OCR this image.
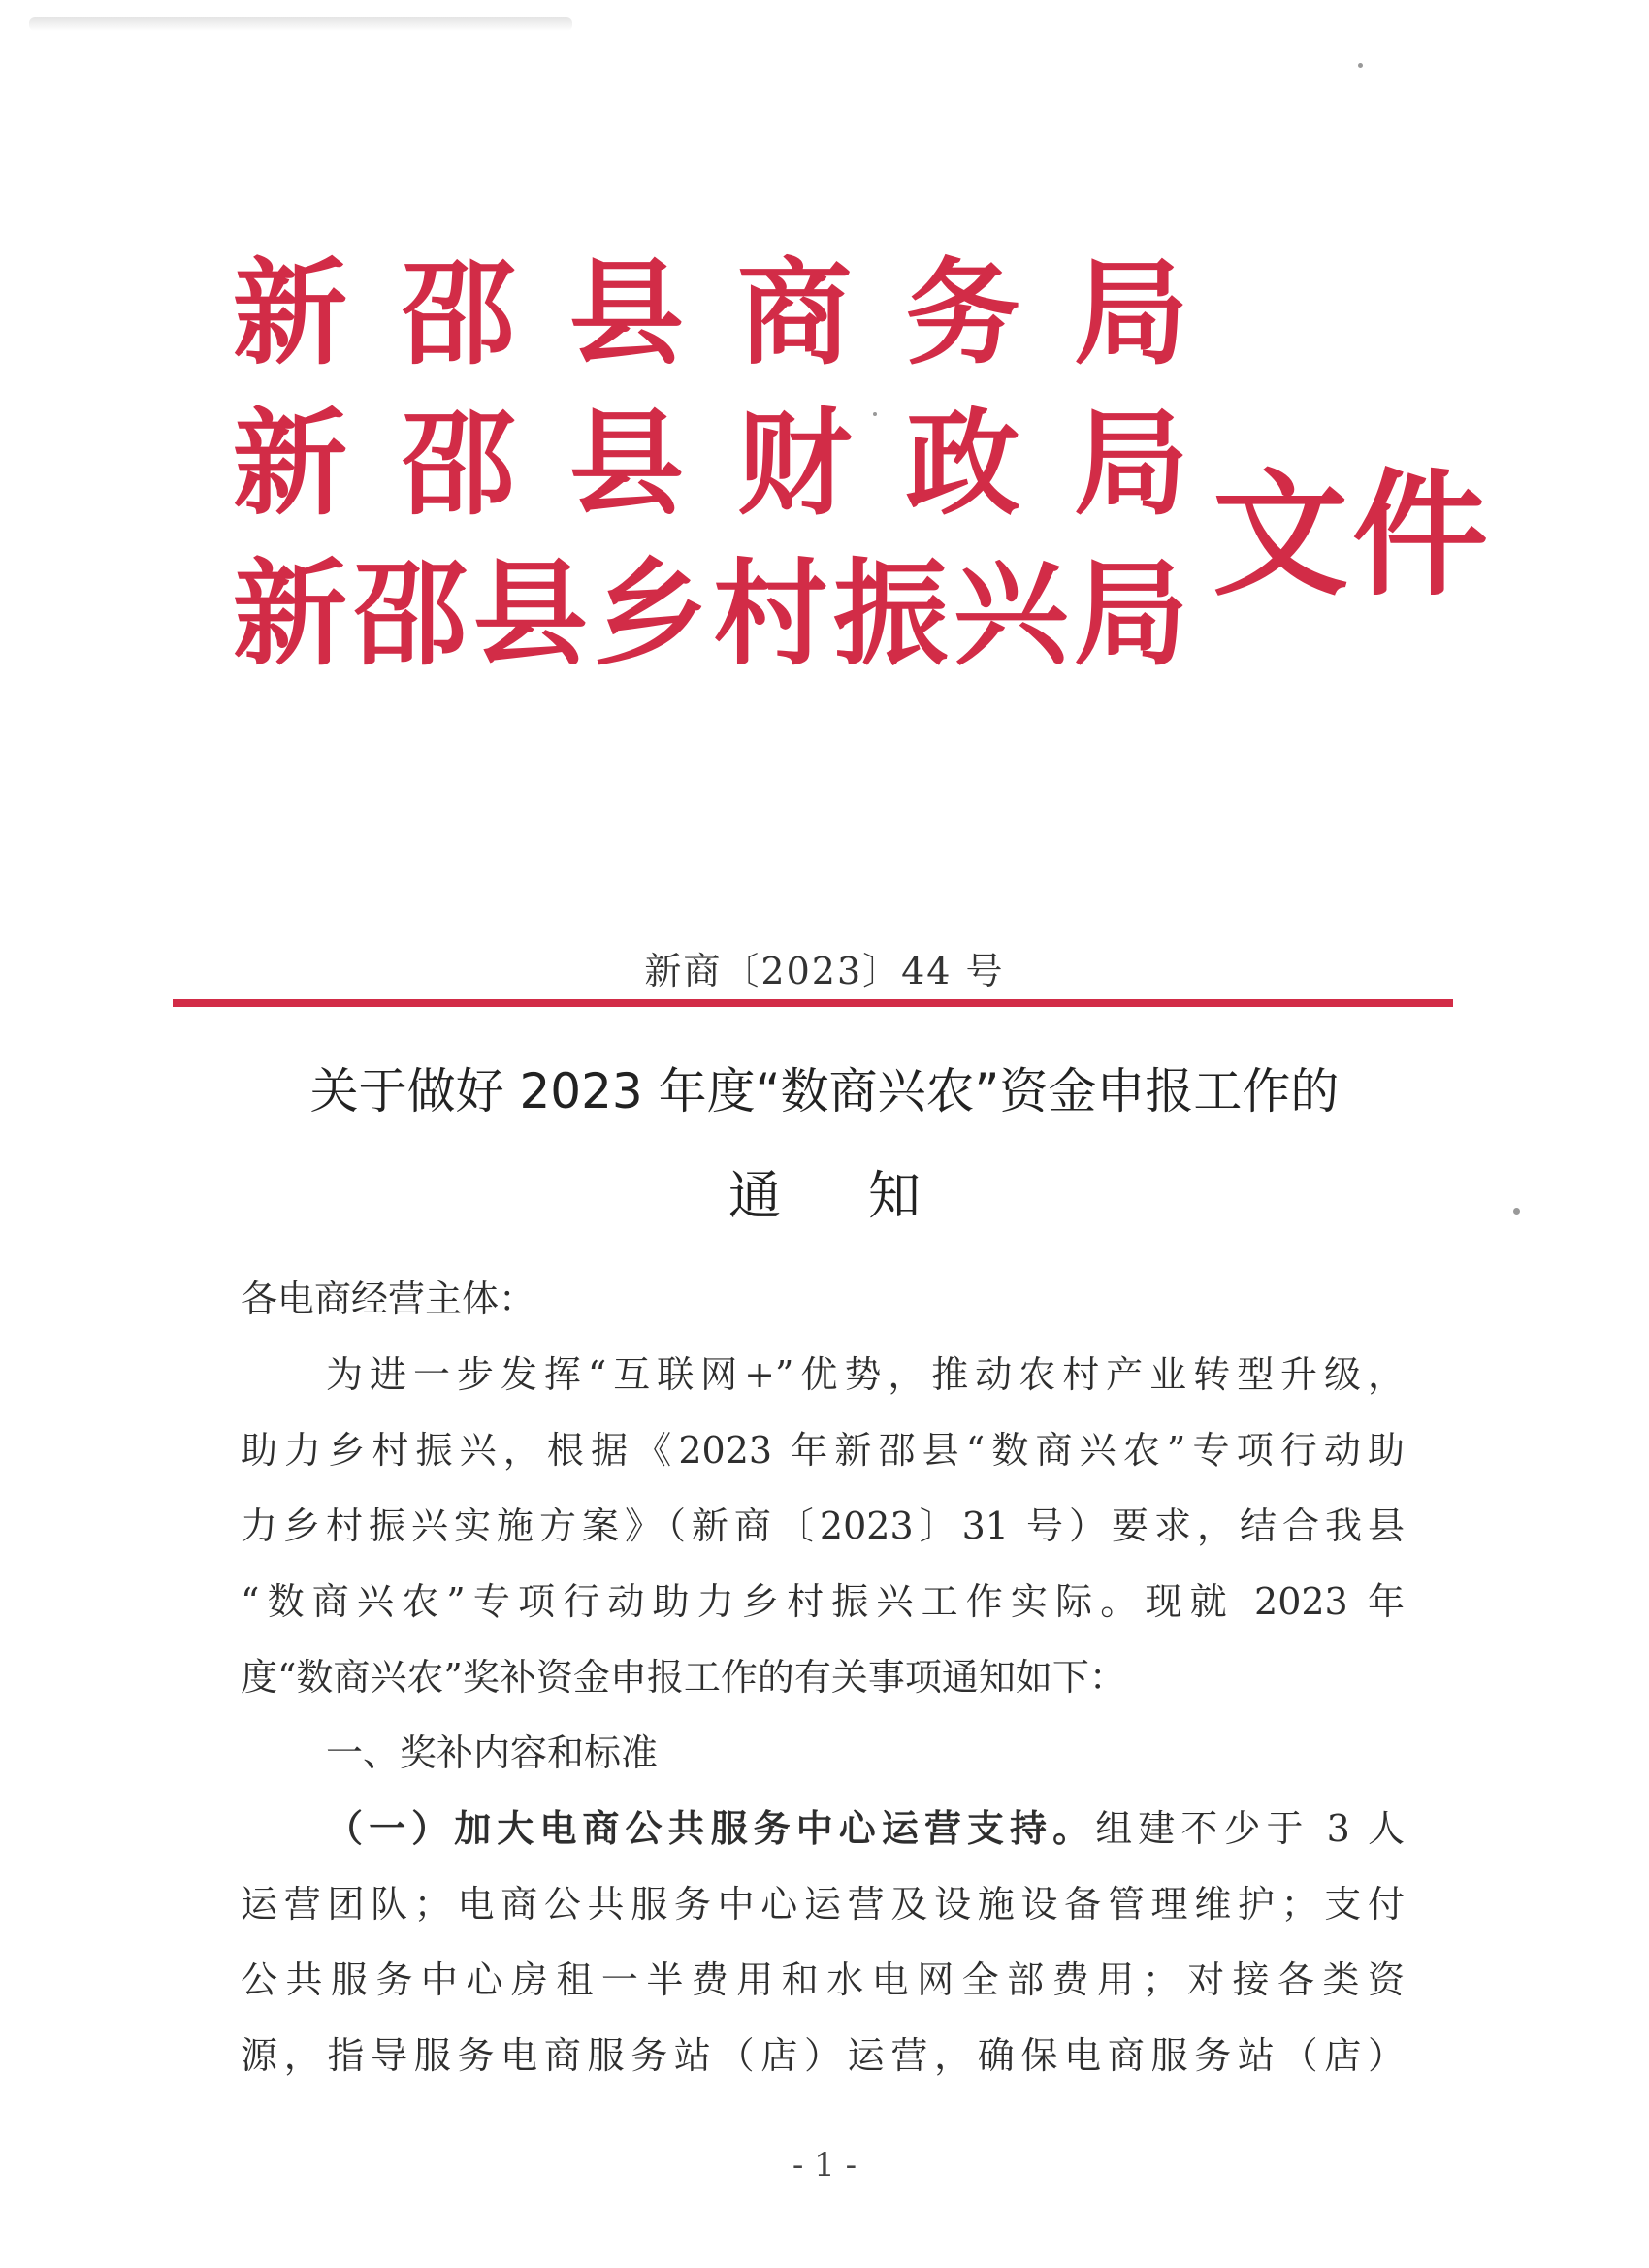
新 邵 县 商 务 局
新 邵 县 财 政 局
新 邵 县 乡 村 振 兴 局 文件
新商〔2023〕44 号
关于做好 2023 年度“数商兴农”资金申报工作的
通知
各电商经营主体：
为进一步发挥“互联网+”优势，推动农村产业转型升级，
助力乡村振兴，根据《2023 年新邵县“数商兴农”专项行动助
力乡村振兴实施方案》（新商〔2023〕31 号）要求，结合我县
“数商兴农”专项行动助力乡村振兴工作实际。现就 2023 年
度“数商兴农”奖补资金申报工作的有关事项通知如下：
一、奖补内容和标准
（一）加大电商公共服务中心运营支持。组建不少于 3 人
运营团队；电商公共服务中心运营及设施设备管理维护；支付
公共服务中心房租一半费用和水电网全部费用；对接各类资
源，指导服务电商服务站（店）运营，确保电商服务站（店）
- 1 -
